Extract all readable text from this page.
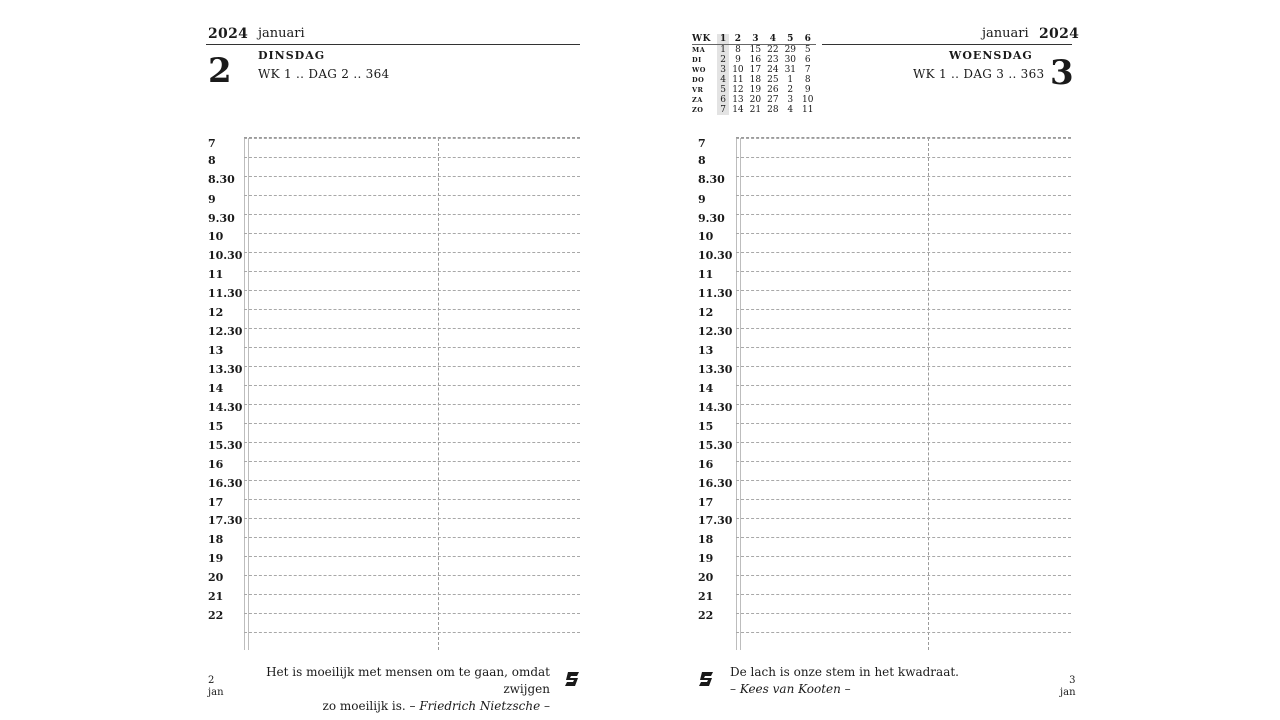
2024 januari
2 DINSDAG
WK 1 .. DAG 2 .. 364
7
8
8.30
9
9.30
10
10.30
11
11.30
12
12.30
13
13.30
14
14.30
15
15.30
16
16.30
17
17.30
18
19
20
21
22
Het is moeilijk met mensen om te gaan, omdat zwijgen
zo moeilijk is. – Friedrich Nietzsche –
2
jan
WK	1	2	3	4	5	6
MA	1	8	15	22	29	5
DI	2	9	16	23	30	6
WO	3	10	17	24	31	7
DO	4	11	18	25	1	8
VR	5	12	19	26	2	9
ZA	6	13	20	27	3	10
ZO	7	14	21	28	4	11
januari 2024
WOENSDAG
WK 1 .. DAG 3 .. 363 3
7
8
8.30
9
9.30
10
10.30
11
11.30
12
12.30
13
13.30
14
14.30
15
15.30
16
16.30
17
17.30
18
19
20
21
22
De lach is onze stem in het kwadraat.
– Kees van Kooten –
3
jan
